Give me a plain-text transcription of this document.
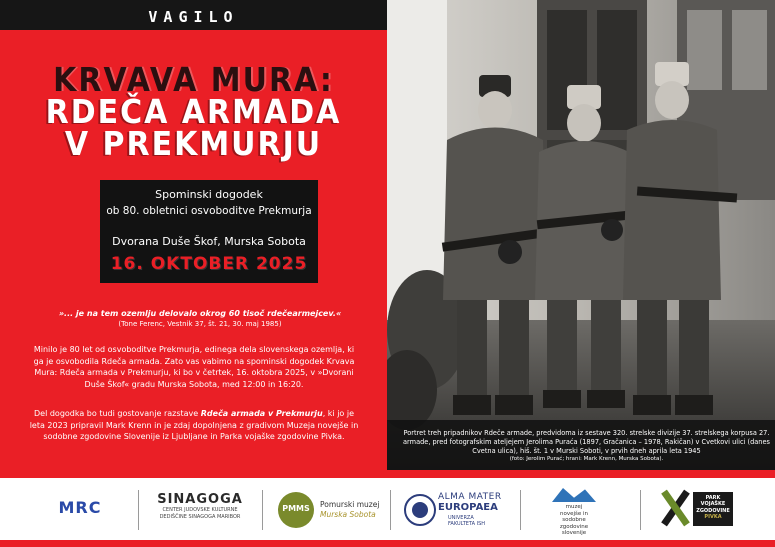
VAGILO
KRVAVA MURA:
RDEČA ARMADA
V PREKMURJU
Spominski dogodek
ob 80. obletnici osvoboditve Prekmurja
Dvorana Duše Škof, Murska Sobota
16. OKTOBER 2025
»... je na tem ozemlju delovalo okrog 60 tisoč rdečearmejcev.«
(Tone Ferenc, Vestnik 37, št. 21, 30. maj 1985)
Minilo je 80 let od osvoboditve Prekmurja, edinega dela slovenskega ozemlja, ki ga je osvobodila Rdeča armada. Zato vas vabimo na spominski dogodek Krvava Mura: Rdeča armada v Prekmurju, ki bo v četrtek, 16. oktobra 2025, v »Dvorani Duše Škof« gradu Murska Sobota, med 12:00 in 16:20.
Del dogodka bo tudi gostovanje razstave Rdeča armada v Prekmurju, ki jo je leta 2023 pripravil Mark Krenn in je zdaj dopolnjena z gradivom Muzeja novejše in sodobne zgodovine Slovenije iz Ljubljane in Parka vojaške zgodovine Pivka.	Portret treh pripadnikov Rdeče armade, predvidoma iz sestave 320. strelske divizije 37. strelskega korpusa 27. armade, pred fotografskim ateljejem Jerolima Puraća (1897, Gračanica – 1978, Rakičan) v Cvetkovi ulici (danes Cvetna ulica), hiš. št. 1 v Murski Soboti, v prvih dneh aprila leta 1945
(foto: Jerolim Purać; hrani: Mark Krenn, Murska Sobota).
MRC	SINAGOGA
CENTER JUDOVSKE KULTURNE
DEDIŠČINE SINAGOGA MARIBOR
PMMS	Pomurski muzej
Murska Sobota
ALMA MATER
EUROPAEA
UNIVERZA
FAKULTETA ISH
muzej
novejše in
sodobne
zgodovine
slovenije
PARK
VOJAŠKE
ZGODOVINE
PIVKA
